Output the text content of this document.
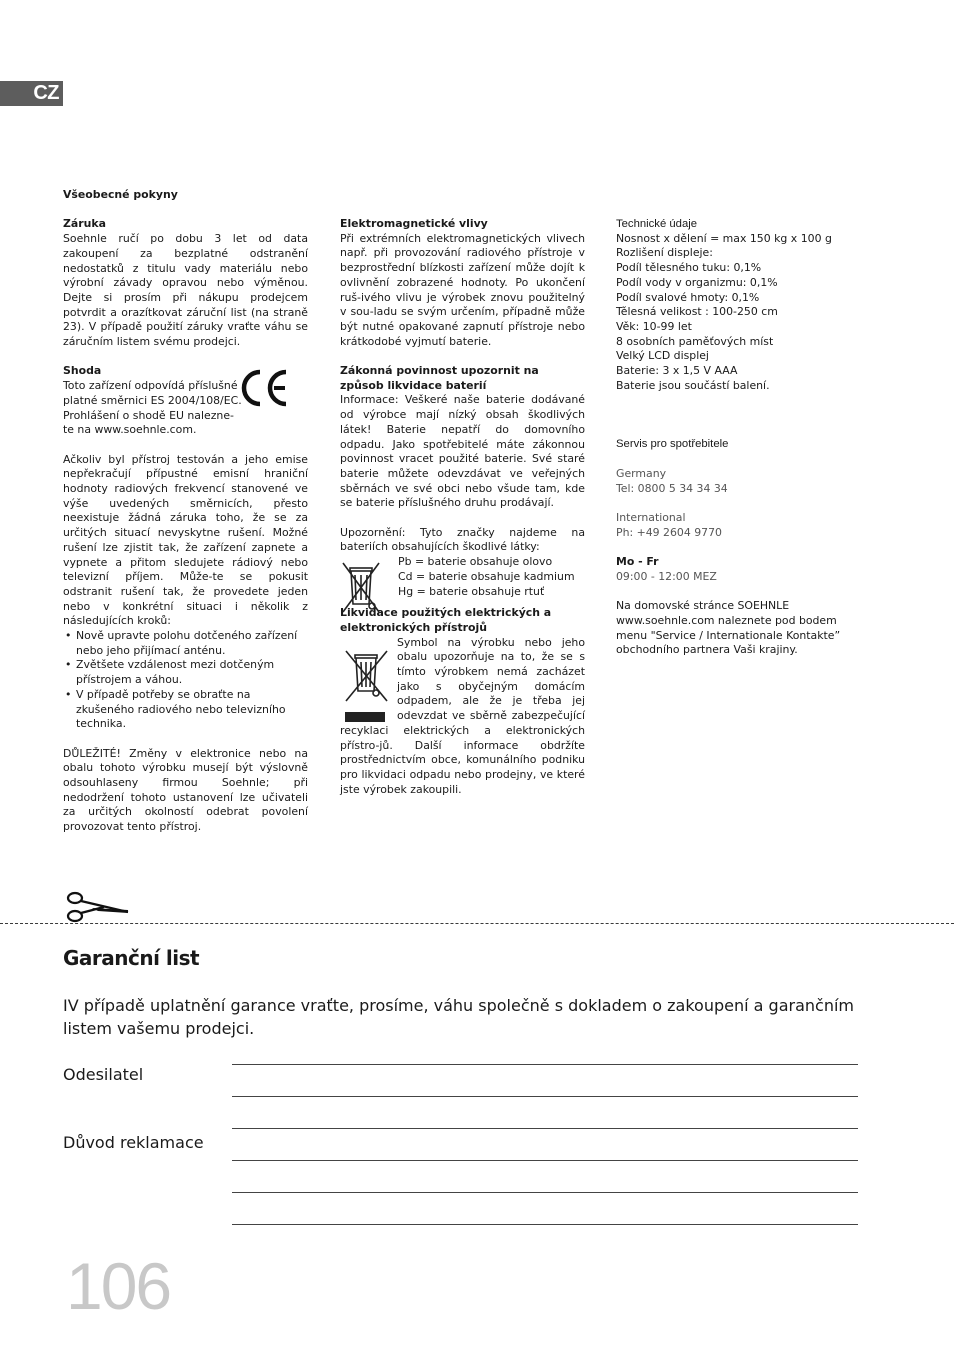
CZ

Všeobecné pokyny

Záruka

Soehnle ručí po dobu 3 let od data zakoupení za bezplatné odstranění nedostatků z titulu vady materiálu nebo výrobní závady opravou nebo výměnou. Dejte si prosím při nákupu prodejcem potvrdit a orazítkovat záruční list (na straně 23). V případě použití záruky vraťte váhu se záručním listem svému prodejci.

Shoda

Toto zařízení odpovídá příslušné

platné směrnici ES 2004/108/EC.

Prohlášení o shodě EU nalezne-

te na www.soehnle.com.

Ačkoliv byl přístroj testován a jeho emise nepřekračují přípustné emisní hraniční hodnoty radiových frekvencí stanovené ve výše uvedených směrnicích, přesto neexistuje žádná záruka toho, že se za určitých situací nevyskytne rušení. Možné rušení lze zjistit tak, že zařízení zapnete a vypnete a přitom sledujete rádiový nebo televizní příjem. Může-te se pokusit odstranit rušení tak, že provedete jeden nebo v konkrétní situaci i několik z následujících kroků:

• Nově upravte polohu dotčeného zařízení nebo jeho přijímací anténu.
• Zvětšete vzdálenost mezi dotčeným přístrojem a váhou.
• V případě potřeby se obraťte na zkušeného radiového nebo televizního technika.

DŮLEŽITÉ! Změny v elektronice nebo na obalu tohoto výrobku musejí být výslovně odsouhlaseny firmou Soehnle; při nedodržení tohoto ustanovení lze učivateli za určitých okolností odebrat povolení provozovat tento přístroj.

Elektromagnetické vlivy

Při extrémních elektromagnetických vlivech např. při provozování radiového přístroje v bezprostřední blízkosti zařízení může dojít k ovlivnění zobrazené hodnoty. Po ukončení ruš-ivého vlivu je výrobek znovu použitelný v sou-ladu se svým určením, případně může být nutné opakované zapnutí přístroje nebo krátkodobé vyjmutí baterie.

Zákonná povinnost upozornit na způsob likvidace baterií

Informace: Veškeré naše baterie dodávané od výrobce mají nízký obsah škodlivých látek! Baterie nepatří do domovního odpadu. Jako spotřebitelé máte zákonnou povinnost vracet použité baterie. Své staré baterie můžete odevzdávat ve veřejných sběrnách ve své obci nebo všude tam, kde se baterie příslušného druhu prodávají.

Upozornění: Tyto značky najdeme na bateriích obsahujících škodlivé látky:

Pb = baterie obsahuje olovo

Cd = baterie obsahuje kadmium

Hg = baterie obsahuje rtuť

Likvidace použitých elektrických a elektronických přístrojů

Symbol na výrobku nebo jeho

obalu upozorňuje na to, že se s

tímto výrobkem nemá zacházet

jako s obyčejným domácím

odpadem, ale že je třeba jej

odevzdat ve sběrně zabezpečující

recyklaci elektrických a elektronických přístro-jů. Další informace obdržíte prostřednictvím obce, komunálního podniku pro likvidaci odpadu nebo prodejny, ve které jste výrobek zakoupili.

Technické údaje

Nosnost x dělení = max 150 kg x 100 g

Rozlišení displeje:

Podíl tělesného tuku: 0,1%

Podíl vody v organizmu: 0,1%

Podíl svalové hmoty: 0,1%

Tělesná velikost : 100-250 cm

Věk: 10-99 let

8 osobních paměťových míst

Velký LCD displej

Baterie: 3 x 1,5 V AAA

Baterie jsou součástí balení.

Servis pro spotřebitele

Germany

Tel: 0800 5 34 34 34

International

Ph: +49 2604 9770

Mo - Fr

09:00 - 12:00 MEZ

Na domovské stránce SOEHNLE

www.soehnle.com naleznete pod bodem

menu "Service / Internationale Kontakte”

obchodního partnera Vaši krajiny.

Garanční list
IV případě uplatnění garance vraťte, prosíme, váhu společně s dokladem o zakoupení a garančním listem vašemu prodejci.
Odesilatel
Důvod reklamace
106
